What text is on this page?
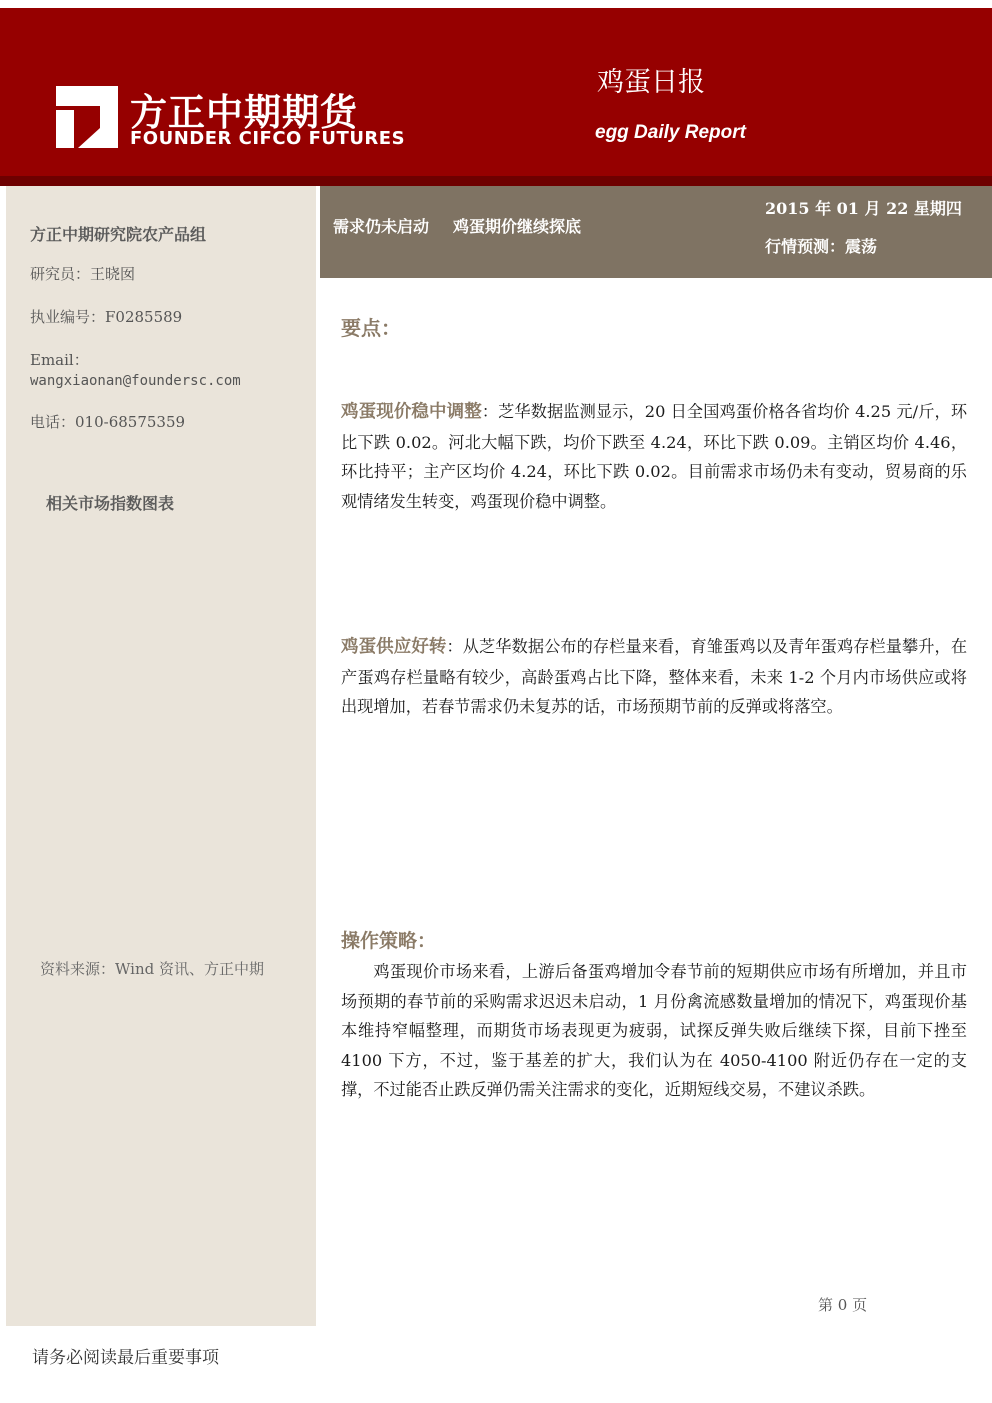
方正中期期货
FOUNDER CIFCO FUTURES
鸡蛋日报
egg Daily Report
方正中期研究院农产品组
研究员：王晓囡
执业编号：F0285589
Email：
wangxiaonan@foundersc.com
电话：010-68575359
相关市场指数图表
资料来源：Wind 资讯、方正中期
需求仍未启动 鸡蛋期价继续探底
2015 年 01 月 22 星期四
行情预测：震荡
要点：
鸡蛋现价稳中调整：芝华数据监测显示，20 日全国鸡蛋价格各省均价 4.25 元/斤，环比下跌 0.02。河北大幅下跌，均价下跌至 4.24，环比下跌 0.09。主销区均价 4.46，环比持平；主产区均价 4.24，环比下跌 0.02。目前需求市场仍未有变动，贸易商的乐观情绪发生转变，鸡蛋现价稳中调整。
鸡蛋供应好转：从芝华数据公布的存栏量来看，育雏蛋鸡以及青年蛋鸡存栏量攀升，在产蛋鸡存栏量略有较少，高龄蛋鸡占比下降，整体来看，未来 1-2 个月内市场供应或将出现增加，若春节需求仍未复苏的话，市场预期节前的反弹或将落空。
操作策略：
鸡蛋现价市场来看，上游后备蛋鸡增加令春节前的短期供应市场有所增加，并且市场预期的春节前的采购需求迟迟未启动，1 月份禽流感数量增加的情况下，鸡蛋现价基本维持窄幅整理，而期货市场表现更为疲弱，试探反弹失败后继续下探，目前下挫至 4100 下方，不过，鉴于基差的扩大，我们认为在 4050-4100 附近仍存在一定的支撑，不过能否止跌反弹仍需关注需求的变化，近期短线交易，不建议杀跌。
第 0 页
请务必阅读最后重要事项
